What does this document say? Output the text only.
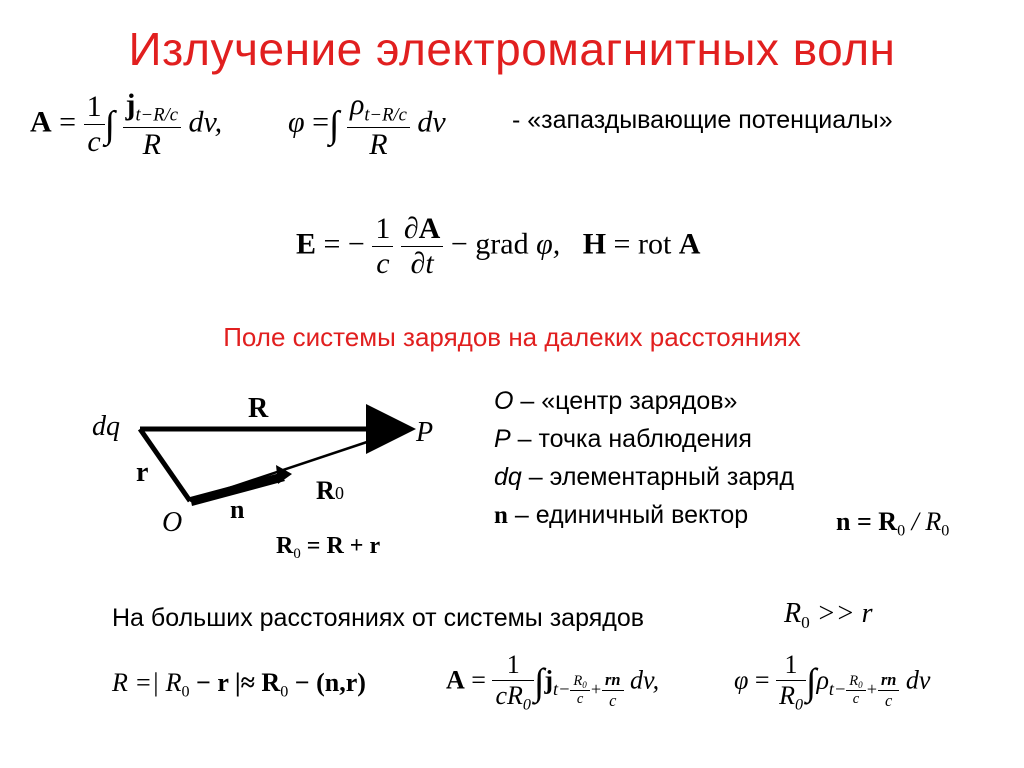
Излучение электромагнитных волн
$A = \frac{1}{c}$ ∫ $\frac{j_{t-R/c}}{R}$ dv, φ =∫ $\frac{\rho_{t-R/c}}{R}$ dv	- «запаздывающие потенциалы»
E = − $\frac{1}{c}$
$\frac{\partial A}{\partial t}$ − grad φ, H = rot A
Поле системы зарядов на далеких расстояниях
dq	P
R
r
O n
R 0
$R_0 = R + r$
O – «центр зарядов»
P – точка наблюдения
dq – элементарный заряд
n – единичный вектор	$n = R_0 / R_0$
На больших расстояниях от системы зарядов	$R_0 >> r$
R =| $R_0 - r$ |≈ $R_0 - (n,r)$	$A = \frac{1}{cR_0} \int j_{t- \frac{R_0}{c} + \frac{rn}{c}}$ dv,	$\varphi = \frac{1}{R_0} \int\rho_{t- \frac{R_0}{c} + \frac{rn}{c}}$ dv
